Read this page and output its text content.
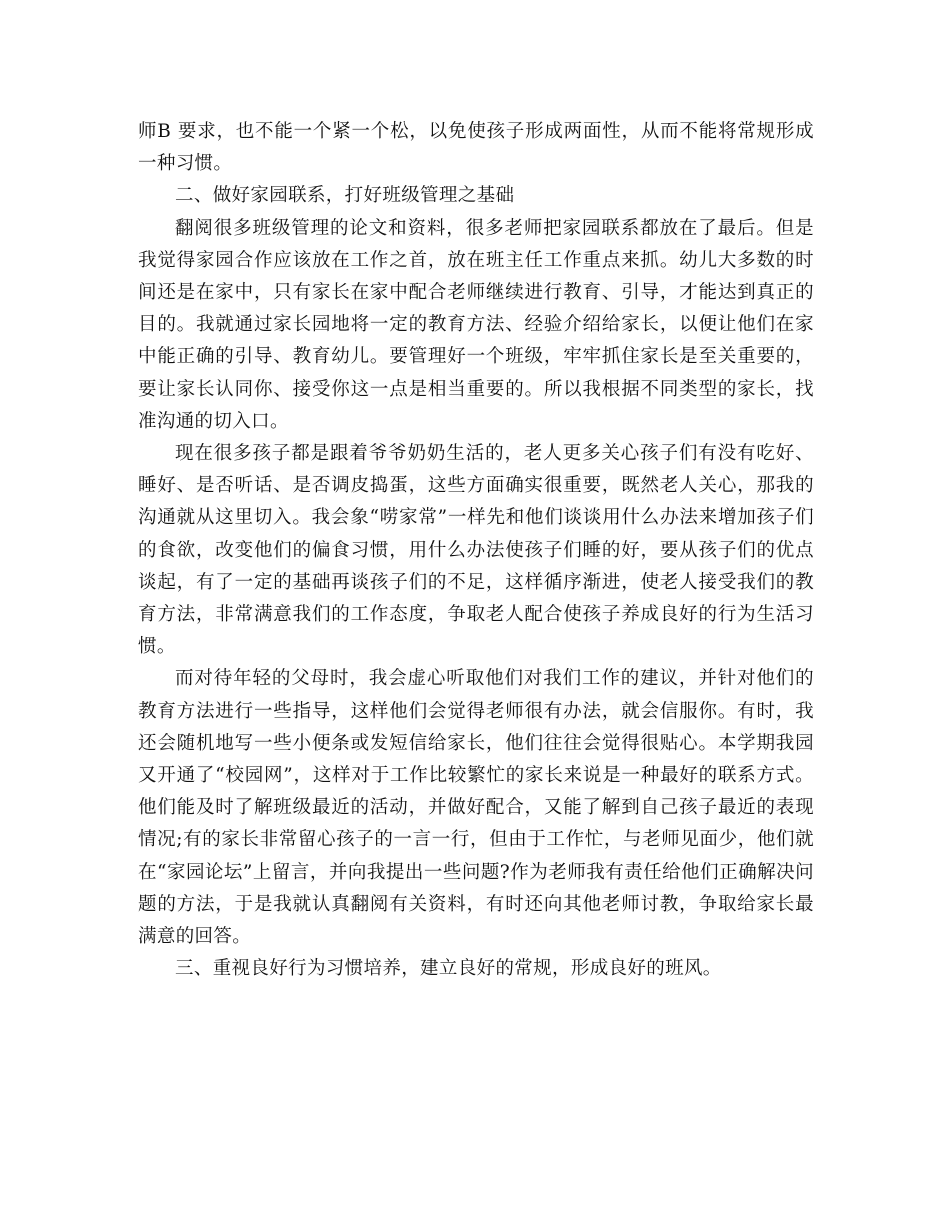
师B 要求，也不能一个紧一个松，以免使孩子形成两面性，从而不能将常规形成一种习惯。

二、做好家园联系，打好班级管理之基础

翻阅很多班级管理的论文和资料，很多老师把家园联系都放在了最后。但是我觉得家园合作应该放在工作之首，放在班主任工作重点来抓。幼儿大多数的时间还是在家中，只有家长在家中配合老师继续进行教育、引导，才能达到真正的目的。我就通过家长园地将一定的教育方法、经验介绍给家长，以便让他们在家中能正确的引导、教育幼儿。要管理好一个班级，牢牢抓住家长是至关重要的，要让家长认同你、接受你这一点是相当重要的。所以我根据不同类型的家长，找准沟通的切入口。

现在很多孩子都是跟着爷爷奶奶生活的，老人更多关心孩子们有没有吃好、睡好、是否听话、是否调皮捣蛋，这些方面确实很重要，既然老人关心，那我的沟通就从这里切入。我会象“唠家常”一样先和他们谈谈用什么办法来增加孩子们的食欲，改变他们的偏食习惯，用什么办法使孩子们睡的好，要从孩子们的优点谈起，有了一定的基础再谈孩子们的不足，这样循序渐进，使老人接受我们的教育方法，非常满意我们的工作态度，争取老人配合使孩子养成良好的行为生活习惯。

而对待年轻的父母时，我会虚心听取他们对我们工作的建议，并针对他们的教育方法进行一些指导，这样他们会觉得老师很有办法，就会信服你。有时，我还会随机地写一些小便条或发短信给家长，他们往往会觉得很贴心。本学期我园又开通了“校园网”，这样对于工作比较繁忙的家长来说是一种最好的联系方式。他们能及时了解班级最近的活动，并做好配合，又能了解到自己孩子最近的表现情况;有的家长非常留心孩子的一言一行，但由于工作忙，与老师见面少，他们就在“家园论坛”上留言，并向我提出一些问题?作为老师我有责任给他们正确解决问题的方法，于是我就认真翻阅有关资料，有时还向其他老师讨教，争取给家长最满意的回答。

三、重视良好行为习惯培养，建立良好的常规，形成良好的班风。
